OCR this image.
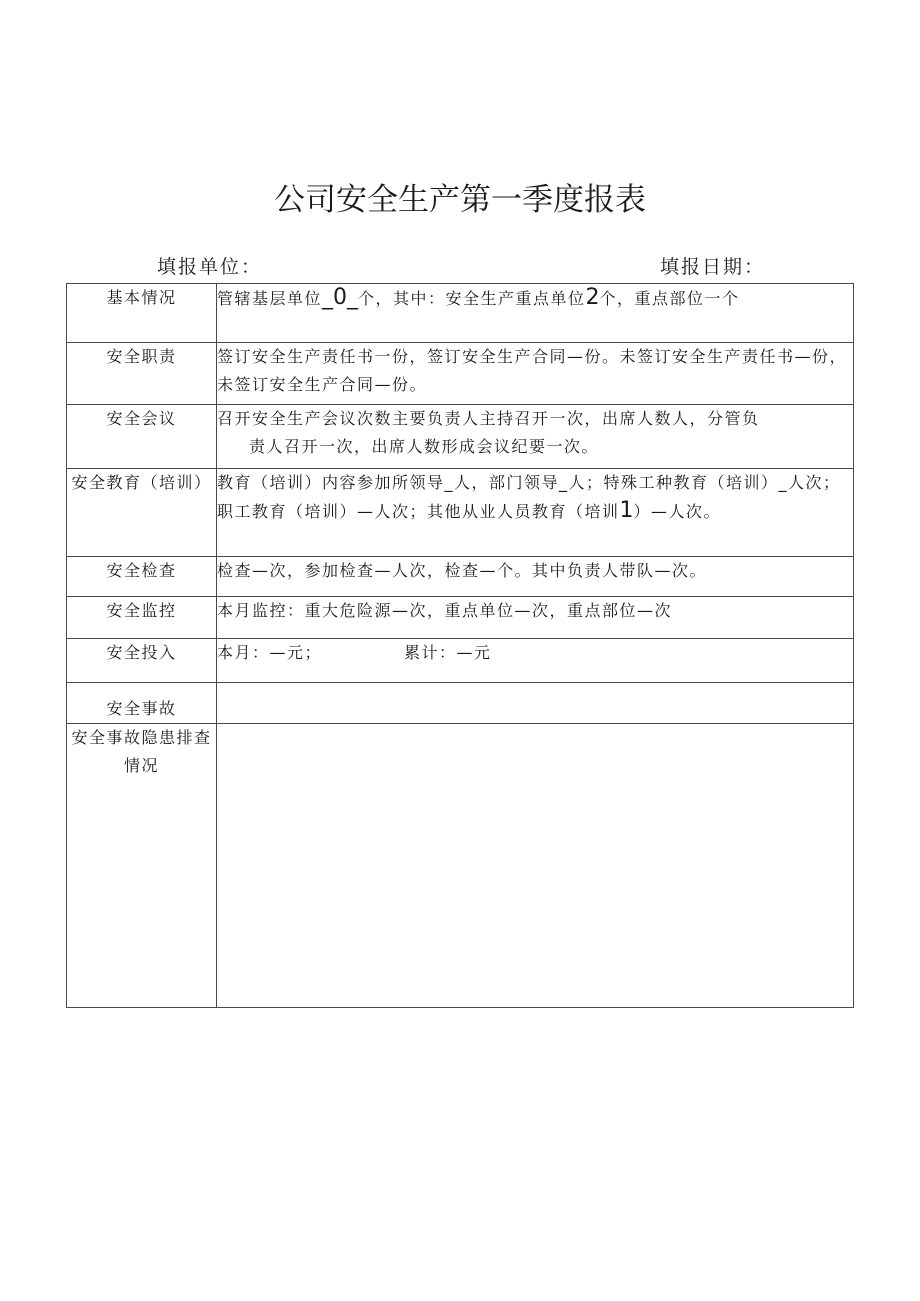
公司安全生产第一季度报表
填报单位：	填报日期：
基本情况	管辖基层单位_0_个，其中：安全生产重点单位2个，重点部位一个
安全职责	签订安全生产责任书一份，签订安全生产合同—份。未签订安全生产责任书—份，未签订安全生产合同—份。
安全会议	召开安全生产会议次数主要负责人主持召开一次，出席人数人，分管负
责人召开一次，出席人数形成会议纪要一次。

安全教育（培训）	教育（培训）内容参加所领导_人，部门领导_人；特殊工种教育（培训）_人次；职工教育（培训）—人次；其他从业人员教育（培训1）—人次。
安全检查	检查—次，参加检查—人次，检查—个。其中负责人带队—次。
安全监控	本月监控：重大危险源—次，重点单位—次，重点部位—次
安全投入	本月：—元； 累计：—元
安全事故	
安全事故隐患排查情况	
